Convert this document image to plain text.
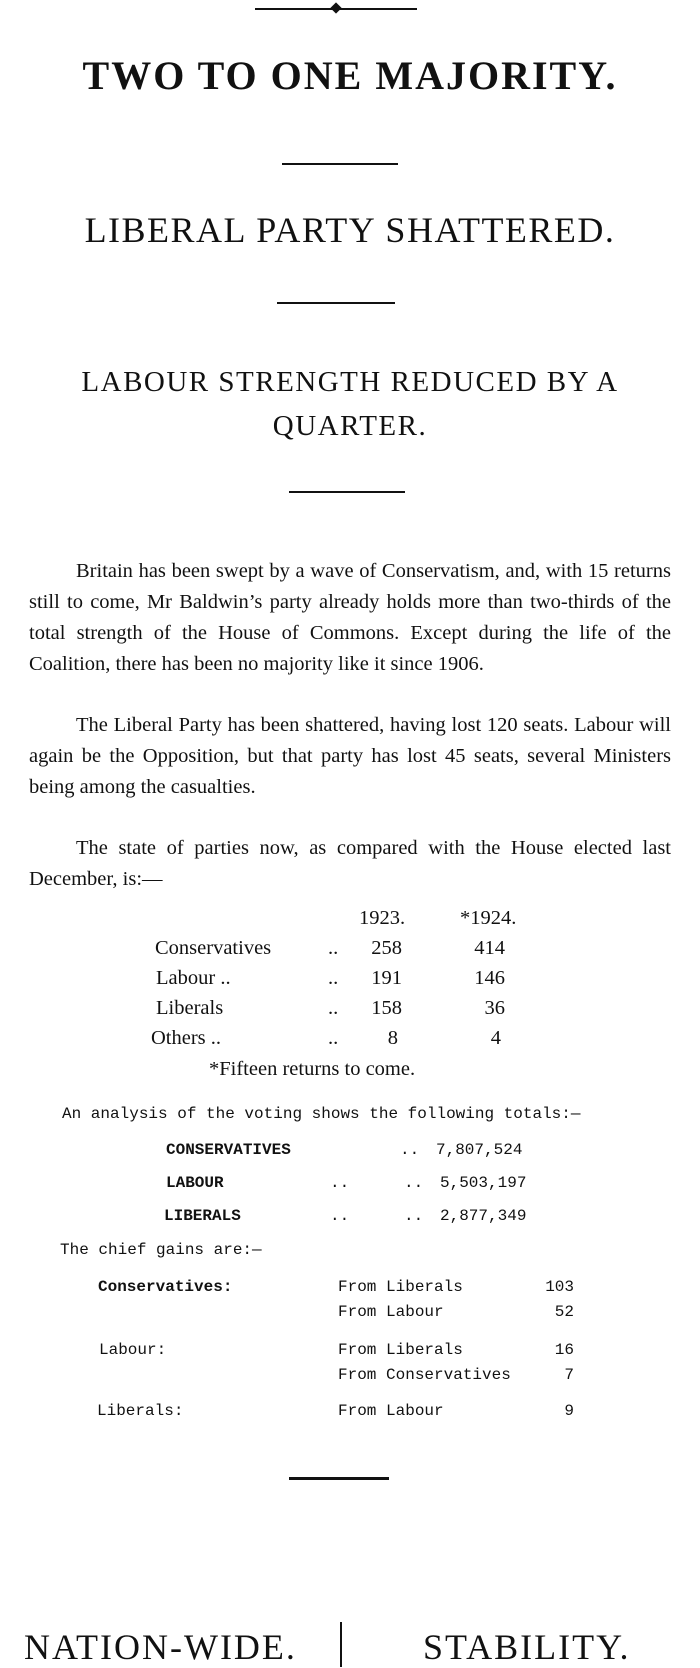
TWO TO ONE MAJORITY.
LIBERAL PARTY SHATTERED.
LABOUR STRENGTH REDUCED BY A
QUARTER.

Britain has been swept by a wave of Conservatism, and, with 15 returns still to come, Mr Baldwin’s party already holds more than two-thirds of the total strength of the House of Commons. Except during the life of the Coalition, there has been no majority like it since 1906.

The Liberal Party has been shattered, having lost 120 seats. Labour will again be the Opposition, but that party has lost 45 seats, several Ministers being among the casualties.

The state of parties now, as compared with the House elected last December, is:—

1923.	*1924.
Conservatives	..	258	414
Labour ..	..	191	146
Liberals	..	158	36
Others ..	..	8	4
*Fifteen returns to come.
An analysis of the voting shows the following totals:—
CONSERVATIVES	.. 7,807,524
LABOUR	..	.. 5,503,197
LIBERALS	..	.. 2,877,349
The chief gains are:—
Conservatives:	From Liberals	103
From Labour	52
Labour:	From Liberals	16
From Conservatives	7
Liberals:	From Labour	9
NATION-WIDE.	STABILITY.
